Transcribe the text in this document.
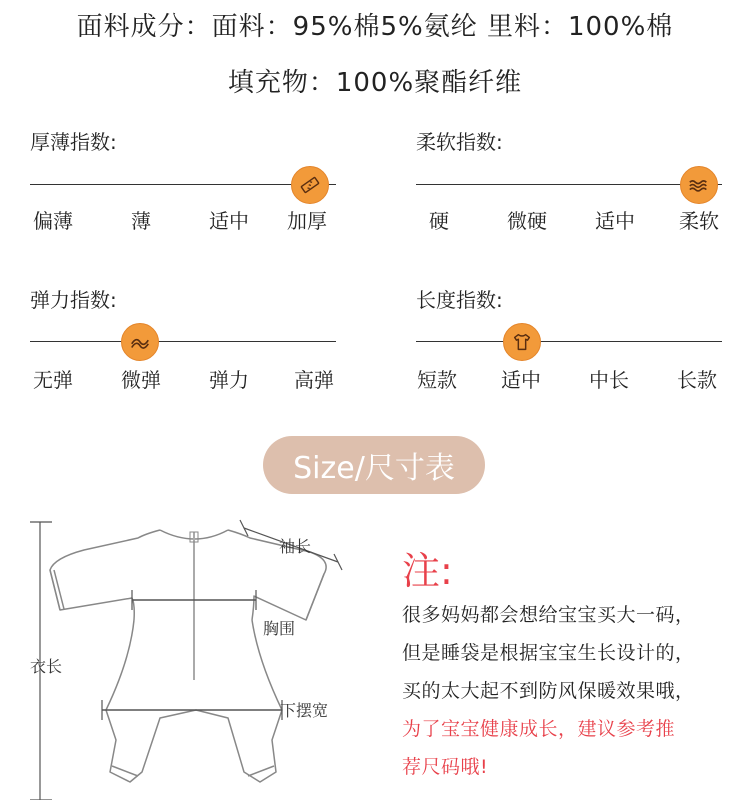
面料成分：面料：95%棉5%氨纶 里料：100%棉
填充物：100%聚酯纤维
厚薄指数:
偏薄	薄	适中	加厚
柔软指数:
硬	微硬	适中	柔软
弹力指数:
无弹	微弹	弹力	高弹
长度指数:
短款	适中	中长	长款
Size/尺寸表
袖长
胸围
衣长
下摆宽
注:
很多妈妈都会想给宝宝买大一码，
但是睡袋是根据宝宝生长设计的，
买的太大起不到防风保暖效果哦，
为了宝宝健康成长，建议参考推
荐尺码哦!
